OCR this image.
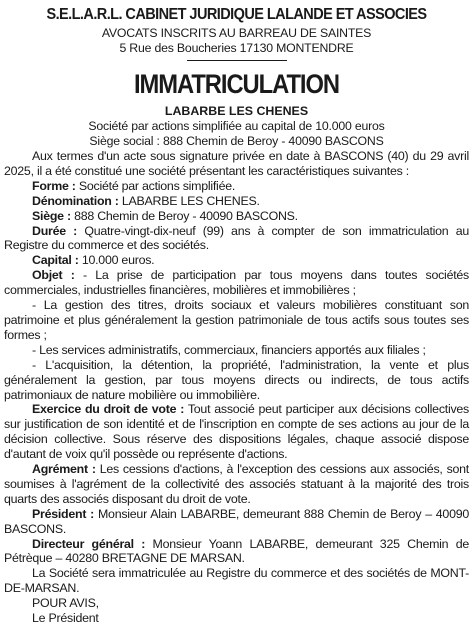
S.E.L.A.R.L. CABINET JURIDIQUE LALANDE ET ASSOCIES
AVOCATS INSCRITS AU BARREAU DE SAINTES
5 Rue des Boucheries 17130 MONTENDRE
IMMATRICULATION
LABARBE LES CHENES
Société par actions simplifiée au capital de 10.000 euros
Siège social : 888 Chemin de Beroy - 40090 BASCONS

Aux termes d'un acte sous signature privée en date à BASCONS (40) du 29 avril 2025, il a été constitué une société présentant les caractéristiques suivantes :

Forme : Société par actions simplifiée.

Dénomination : LABARBE LES CHENES.

Siège : 888 Chemin de Beroy - 40090 BASCONS.

Durée : Quatre-vingt-dix-neuf (99) ans à compter de son immatriculation au Registre du commerce et des sociétés.

Capital : 10.000 euros.

Objet : - La prise de participation par tous moyens dans toutes sociétés commerciales, industrielles financières, mobilières et immobilières ;

- La gestion des titres, droits sociaux et valeurs mobilières constituant son patrimoine et plus généralement la gestion patrimoniale de tous actifs sous toutes ses formes ;

- Les services administratifs, commerciaux, financiers apportés aux filiales ;

- L'acquisition, la détention, la propriété, l'administration, la vente et plus généralement la gestion, par tous moyens directs ou indirects, de tous actifs patrimoniaux de nature mobilière ou immobilière.

Exercice du droit de vote : Tout associé peut participer aux décisions collectives sur justification de son identité et de l'inscription en compte de ses actions au jour de la décision collective. Sous réserve des dispositions légales, chaque associé dispose d'autant de voix qu'il possède ou représente d'actions.

Agrément : Les cessions d'actions, à l'exception des cessions aux associés, sont soumises à l'agrément de la collectivité des associés statuant à la majorité des trois quarts des associés disposant du droit de vote.

Président : Monsieur Alain LABARBE, demeurant 888 Chemin de Beroy – 40090 BASCONS.

Directeur général : Monsieur Yoann LABARBE, demeurant 325 Chemin de Pétrèque – 40280 BRETAGNE DE MARSAN.

La Société sera immatriculée au Registre du commerce et des sociétés de MONT-DE-MARSAN.

POUR AVIS,

Le Président
